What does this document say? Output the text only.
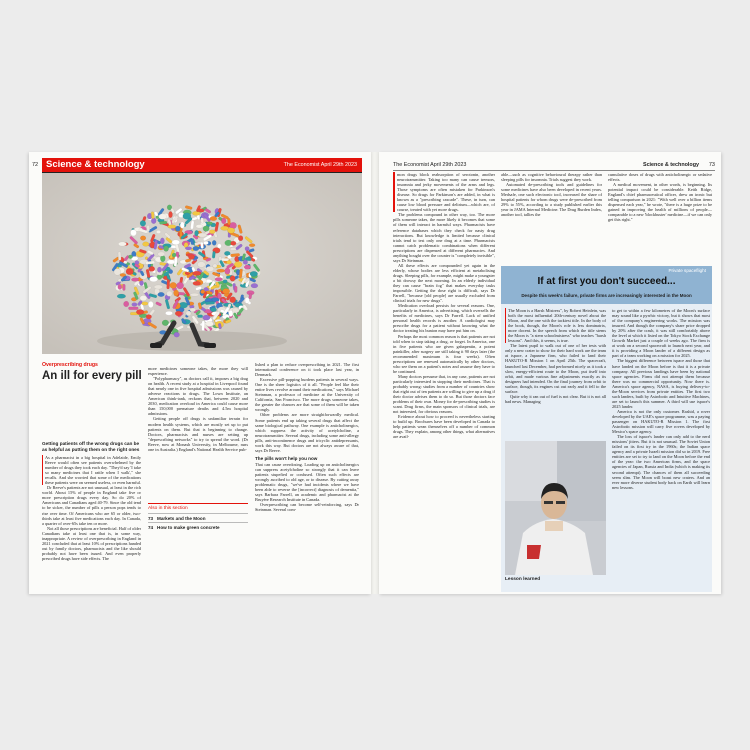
72 Science & technology	The Economist April 29th 2023
Overprescribing drugs
An ill for every pill
Getting patients off the wrong drugs can be as helpful as putting them on the right ones

As a pharmacist in a big hospital in Adelaide, Emily Reeve would often see patients overwhelmed by the number of drugs they took each day. "They'd say 'I take so many medicines that I rattle when I walk'," she recalls. And she worried that some of the medications these patients were on seemed useless, or even harmful.

Dr Reeve's patients are not unusual, at least in the rich world. About 15% of people in England take five or more prescription drugs every day. So do 20% of Americans and Canadians aged 40-79. Since the old tend to be sicker, the number of pills a person pops tends to rise over time. Of Americans who are 65 or older, two-thirds take at least five medications each day. In Canada, a quarter of over-65s take ten or more.

Not all those prescriptions are beneficial. Half of older Canadians take at least one that is, in some way, inappropriate. A review of overprescribing in England in 2021 concluded that at least 10% of prescriptions handed out by family doctors, pharmacists and the like should probably not have been issued. And even properly prescribed drugs have side effects. The

more medicines someone takes, the more they will experience.

"Polypharmacy", as doctors call it, imposes a big drag on health. A recent study at a hospital in Liverpool found that nearly one in five hospital admissions was caused by adverse reactions to drugs. The Lown Institute, an American think-tank, reckons that, between 2020 and 2030, medication overload in America could cause more than 150,000 premature deaths and 4.5m hospital admissions.

Getting people off drugs is unfamiliar terrain for modern health systems, which are mostly set up to put patients on them. But that is beginning to change. Doctors, pharmacists and nurses are setting up "deprescribing networks" to try to spread the word. (Dr Reeve, now at Monash University, in Melbourne, runs one in Australia.) England's National Health Service pub-

Also in this section
73 Markets and the Moon
74 How to make green concrete

lished a plan to reduce overprescribing in 2021. The first international conference on it took place last year, in Denmark.

Excessive pill-popping burdens patients in several ways. One is the sheer logistics of it all. "People feel like their entire lives revolve around their medications," says Michael Steinman, a professor of medicine at the University of California, San Francisco. The more drugs someone takes, the greater the chances are that some of them will be taken wrongly.

Other problems are more straightforwardly medical. Some patients end up taking several drugs that affect the same biological pathway. One example is anticholinergics, which suppress the activity of acetylcholine, a neurotransmitter. Several drugs, including some anti-allergy pills, anti-incontinence drugs and tricyclic antidepressants, work this way. But doctors are not always aware of that, says Dr Reeve.

The pills won't help you now

That can cause overdosing. Loading up on anticholinergics can suppress acetylcholine so strongly that it can leave patients stupefied or confused. Often such effects are wrongly ascribed to old age, or to disease. By cutting away problematic drugs, "we've had incidents where we have been able to reverse the [incorrect] diagnosis of dementia," says Barbara Farrell, an academic and pharmacist at the Bruyère Research Institute in Canada.

Overprescribing can become self-reinforcing, says Dr Steinman. Several com-

The Economist April 29th 2023	Science & technology 73

mon drugs block reabsorption of serotonin, another neurotransmitter. Taking too many can cause tremors, insomnia and jerky movements of the arms and legs. Those symptoms are often mistaken for Parkinson's disease. So drugs for Parkinson's are added, in what is known as a "prescribing cascade". These, in turn, can cause low blood pressure and delirium—which are, of course, treated with yet more drugs.

The problems compound in other way, too. The more pills someone takes, the more likely it becomes that some of them will interact in harmful ways. Pharmacists have reference databases which they check for nasty drug interactions. But knowledge is limited because clinical trials tend to test only one drug at a time. Pharmacists cannot catch problematic combinations when different prescriptions are dispensed at different pharmacies. And anything bought over the counter is "completely invisible", says Dr Steinman.

All these effects are compounded yet again in the elderly, whose bodies are less efficient at metabolising drugs. Sleeping pills, for example, might make a youngster a bit drowsy the next morning. In an elderly individual they can cause "brain fog" that makes everyday tasks impossible. Getting the dose right is difficult, says Dr Farrell, "because [old people] are usually excluded from clinical trials for new drugs".

Medication overload persists for several reasons. One, particularly in America, is advertising, which oversells the benefits of medicines, says Dr Farrell. Lack of unified personal health records is another. A cardiologist may prescribe drugs for a patient without knowing what the doctor treating his bunion may have put him on.

Perhaps the most common reason is that patients are not told when to stop taking a drug, or forget. In America, one in five patients who are given gabapentin, a potent painkiller, after surgery are still taking it 90 days later (the recommended maximum is four weeks). Often prescriptions are renewed automatically by other doctors, who see them on a patient's notes and assume they have to be continued.

Many doctors presume that, in any case, patients are not particularly interested in stopping their medicines. That is probably wrong: studies from a number of countries show that eight out of ten patients are willing to give up a drug if their doctor advises them to do so. But those doctors face problems of their own. Money for de-prescribing studies is scant. Drug firms, the main sponsors of clinical trials, are not interested, for obvious reasons.

Evidence about how to proceed is nevertheless starting to build up. Brochures have been developed in Canada to help patients wean themselves off a number of common drugs. They explain, among other things, what alternatives are avail-

able—such as cognitive behavioural therapy rather than sleeping pills for insomnia. Trials suggest they work.

Automated de-prescribing tools and guidelines for some medicines have also been developed in recent years. Medsafe, one such electronic tool, increased the share of hospital patients for whom drugs were de-prescribed from 29% to 55%, according to a study published earlier this year in JAMA Internal Medicine. The Drug Burden Index, another tool, tallies the

cumulative doses of drugs with anticholinergic or sedative effects.

A medical movement, in other words, is beginning. Its potential impact could be considerable. Keith Ridge, England's chief pharmaceutical officer, drew an ironic but telling comparison in 2021: "With well over a billion items dispensed each year," he wrote, "there is a huge prize to be gained in improving the health of millions of people—comparable to a new 'blockbuster' medicine—if we can only get this right."

Private spaceflight
If at first you don't succeed...
Despite this week's failure, private firms are increasingly interested in the Moon

The Moon is a Harsh Mistress", by Robert Heinlein, was both the most influential 20th-century novel about the Moon, and the one with the tackiest title. In the body of the book, though, the Moon's role is less dominatrix, more docent. In the speech from which the title stems the Moon is "a stern schoolmistress" who teaches "harsh lessons". And this, it seems, is true.

The latest pupil to walk out of one of her tests with only a new crater to show for their hard work are the team at ispace, a Japanese firm, who failed to land their HAKUTO-R Mission 1 on April 25th. The spacecraft, launched last December, had performed nicely as it took a slow, energy-efficient route to the Moon, put itself into orbit, and made various fine adjustments exactly as its designers had intended. On the final journey from orbit to surface, though, its engines cut out early and it fell to the surface.

Quite why it ran out of fuel is not clear. But it is not all bad news. Managing

to get to within a few kilometres of the Moon's surface may sound like a pyrrhic victory, but it shows that most of the company's engineering works. The mission was insured. And though the company's share price dropped by 20% after the crash, it was still comfortably above the level at which it listed on the Tokyo Stock Exchange Growth Market just a couple of weeks ago. The firm is at work on a second spacecraft to launch next year, and it is providing a Moon lander of a different design as part of a team working on a mission for 2025.

The biggest difference between ispace and those that have landed on the Moon before is that it is a private company. All previous landings have been by national space agencies. Firms did not attempt them because there was no commercial opportunity. Now there is. America's space agency, NASA, is buying delivery-to-the-Moon services from private entities. The first two such landers, built by Astrobotic and Intuitive Machines, are set to launch this summer. A third will use ispace's 2025 lander.

America is not the only customer. Rashid, a rover developed by the UAE's space programme, was a paying passenger on HAKUTO-R Mission 1. The first Astrobotic mission will carry five rovers developed by Mexico's space agency.

The loss of ispace's lander can only add to the nerd missions' jitters. But it is not unusual. The Soviet Union failed on its first try in the 1960s; the Indian space agency and a private Israeli mission did so in 2019. Free entities are set to try to land on the Moon before the end of the year: the two American firms, and the space agencies of Japan, Russia and India (which is making its second attempt). The chances of them all succeeding seem slim. The Moon will boast new craters. And an ever more diverse student body back on Earth will learn new lessons.

Lesson learned
